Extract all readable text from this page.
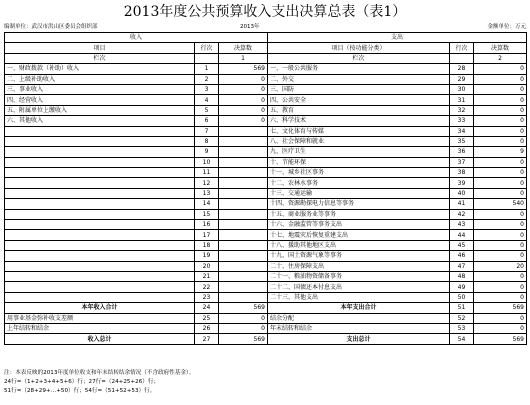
2013年度公共预算收入支出决算总表（表1）
编制单位：武汉市洪山区委员会组织部	2013年	金额单位：万元
收入			支出		
项目	行次	决算数	项目（按功能分类）	行次	决算数
栏次		1	栏次		2
一、财政拨款（补助）收入	1	569	一、一般公共服务	28	0
二、上级补助收入	2	0	二、外交	29	0
三、事业收入	3	0	三、国防	30	0
四、经营收入	4	0	四、公共安全	31	0
五、附属单位上缴收入	5	0	五、教育	32	0
六、其他收入	6	0	六、科学技术	33	0
	7		七、文化体育与传媒	34	0
	8		八、社会保障和就业	35	0
	9		九、医疗卫生	36	9
	10		十、节能环保	37	0
	11		十一、城乡社区事务	38	0
	12		十二、农林水事务	39	0
	13		十三、交通运输	40	0
	14		十四、资源勘探电力信息等事务	41	540
	15		十五、商业服务业等事务	42	0
	16		十六、金融监管等事务支出	43	0
	17		十七、地震灾后恢复重建支出	44	0
	18		十八、援助其他地区支出	45	0
	19		十九、国土资源气象等事务	46	0
	20		二十、住房保障支出	47	20
	21		二十一、粮油物资储备事务	48	0
	22		二十二、国债还本付息支出	49	0
	23		二十三、其他支出	50	0
本年收入合计	24	569	本年支出合计	51	569
用事业基金弥补收支差额	25	0	结余分配	52	0
上年结转和结余	26	0	年末结转和结余	53	0
收入总计	27	569	支出总计	54	569
注：本表反映的2013年度单位收支和年末结转结余情况（不含政府性基金）。
24行=（1+2+3+4+5+6）行；27行=（24+25+26）行；
51行=（28+29+…+50）行；54行=（51+52+53）行。
